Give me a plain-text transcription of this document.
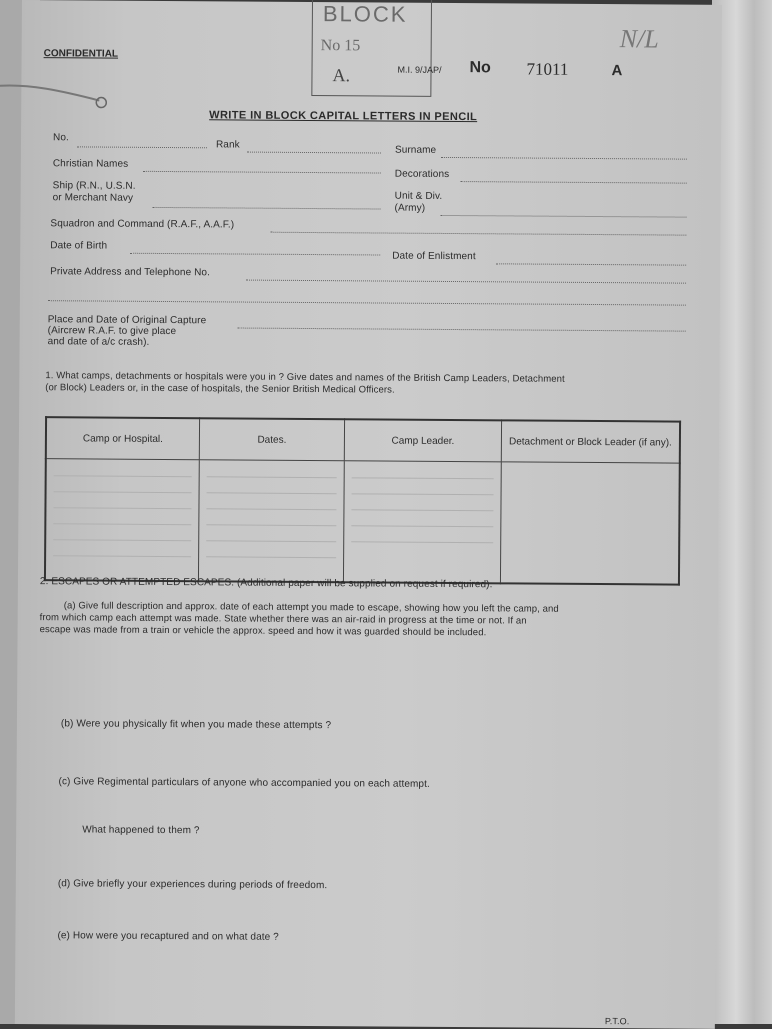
BLOCK
No 15
A.
CONFIDENTIAL
M.I. 9/JAP/ No 71011	A
N/L
WRITE IN BLOCK CAPITAL LETTERS IN PENCIL
No.
Rank	Surname
Christian Names
Decorations
Ship (R.N., U.S.N.
or Merchant Navy	Unit & Div.
(Army)
Squadron and Command (R.A.F., A.A.F.)
Date of Birth
Date of Enlistment
Private Address and Telephone No.
Place and Date of Original Capture
(Aircrew R.A.F. to give place
and date of a/c crash).
1. What camps, detachments or hospitals were you in ? Give dates and names of the British Camp Leaders, Detachment
(or Block) Leaders or, in the case of hospitals, the Senior British Medical Officers.
Camp or Hospital.	Dates.	Camp Leader.	Detachment or Block Leader (if any).

2. ESCAPES OR ATTEMPTED ESCAPES. (Additional paper will be supplied on request if required).
(a) Give full description and approx. date of each attempt you made to escape, showing how you left the camp, and
from which camp each attempt was made. State whether there was an air-raid in progress at the time or not. If an
escape was made from a train or vehicle the approx. speed and how it was guarded should be included.
(b) Were you physically fit when you made these attempts ?
(c) Give Regimental particulars of anyone who accompanied you on each attempt.
What happened to them ?
(d) Give briefly your experiences during periods of freedom.
(e) How were you recaptured and on what date ?
P.T.O.
